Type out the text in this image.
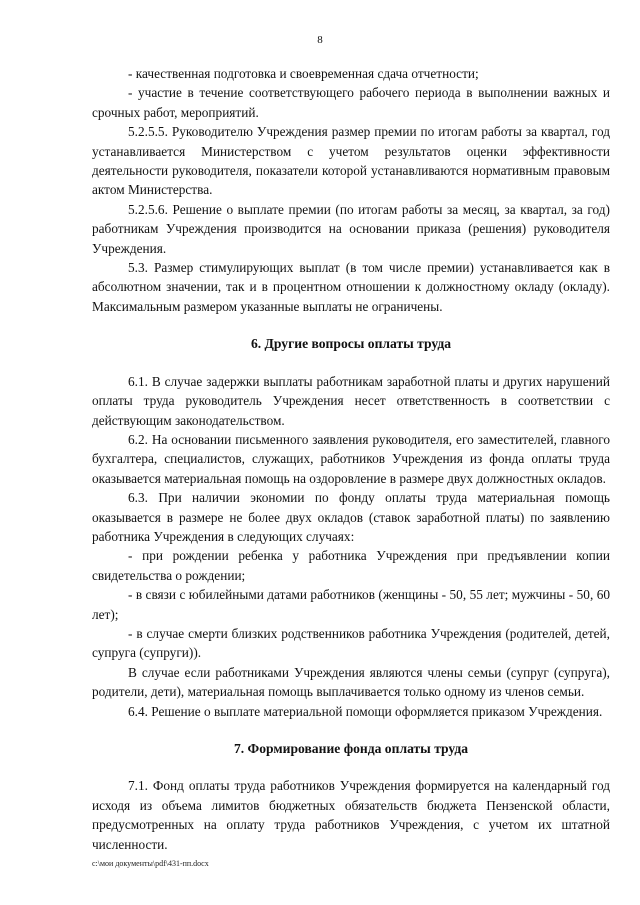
8

- качественная подготовка и своевременная сдача отчетности;

- участие в течение соответствующего рабочего периода в выполнении важных и срочных работ, мероприятий.

5.2.5.5. Руководителю Учреждения размер премии по итогам работы за квартал, год устанавливается Министерством с учетом результатов оценки эффективности деятельности руководителя, показатели которой устанавливаются нормативным правовым актом Министерства.

5.2.5.6. Решение о выплате премии (по итогам работы за месяц, за квартал, за год) работникам Учреждения производится на основании приказа (решения) руководителя Учреждения.

5.3. Размер стимулирующих выплат (в том числе премии) устанавливается как в абсолютном значении, так и в процентном отношении к должностному окладу (окладу). Максимальным размером указанные выплаты не ограничены.

6. Другие вопросы оплаты труда

6.1. В случае задержки выплаты работникам заработной платы и других нарушений оплаты труда руководитель Учреждения несет ответственность в соответствии с действующим законодательством.

6.2. На основании письменного заявления руководителя, его заместителей, главного бухгалтера, специалистов, служащих, работников Учреждения из фонда оплаты труда оказывается материальная помощь на оздоровление в размере двух должностных окладов.

6.3. При наличии экономии по фонду оплаты труда материальная помощь оказывается в размере не более двух окладов (ставок заработной платы) по заявлению работника Учреждения в следующих случаях:

- при рождении ребенка у работника Учреждения при предъявлении копии свидетельства о рождении;

- в связи с юбилейными датами работников (женщины - 50, 55 лет; мужчины - 50, 60 лет);

- в случае смерти близких родственников работника Учреждения (родителей, детей, супруга (супруги)).

В случае если работниками Учреждения являются члены семьи (супруг (супруга), родители, дети), материальная помощь выплачивается только одному из членов семьи.

6.4. Решение о выплате материальной помощи оформляется приказом Учреждения.

7. Формирование фонда оплаты труда

7.1. Фонд оплаты труда работников Учреждения формируется на календарный год исходя из объема лимитов бюджетных обязательств бюджета Пензенской области, предусмотренных на оплату труда работников Учреждения, с учетом их штатной численности.

c:\мои документы\pdf\431-пп.docx
